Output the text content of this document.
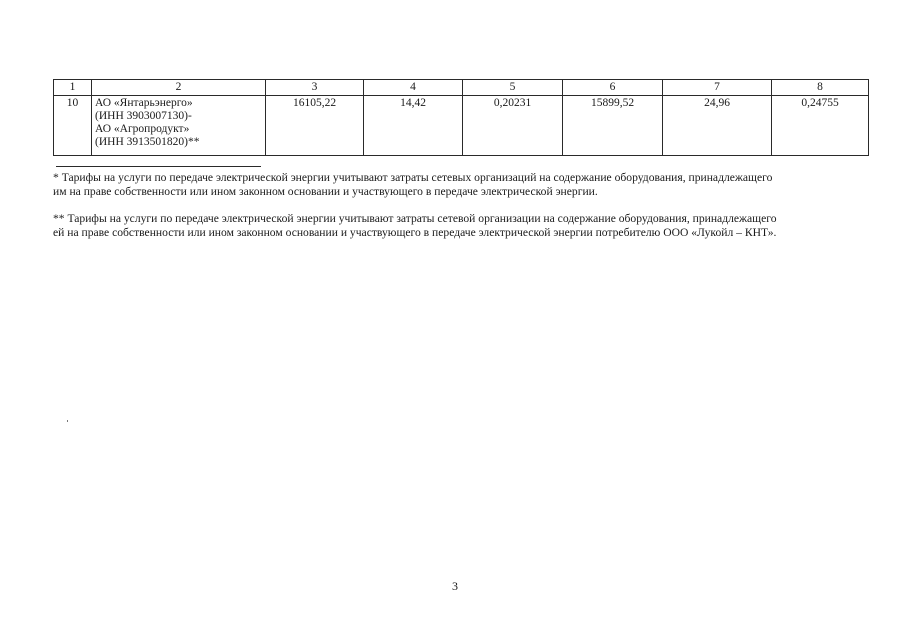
1	2	3	4	5	6	7	8
10	АО «Янтарьэнерго»
(ИНН 3903007130)-
АО «Агропродукт»
(ИНН 3913501820)**	16105,22	14,42	0,20231	15899,52	24,96	0,24755
* Тарифы на услуги по передаче электрической энергии учитывают затраты сетевых организаций на содержание оборудования, принадлежащего
им на праве собственности или ином законном основании и участвующего в передаче электрической энергии.
** Тарифы на услуги по передаче электрической энергии учитывают затраты сетевой организации на содержание оборудования, принадлежащего
ей на праве собственности или ином законном основании и участвующего в передаче электрической энергии потребителю ООО «Лукойл – КНТ».
3
